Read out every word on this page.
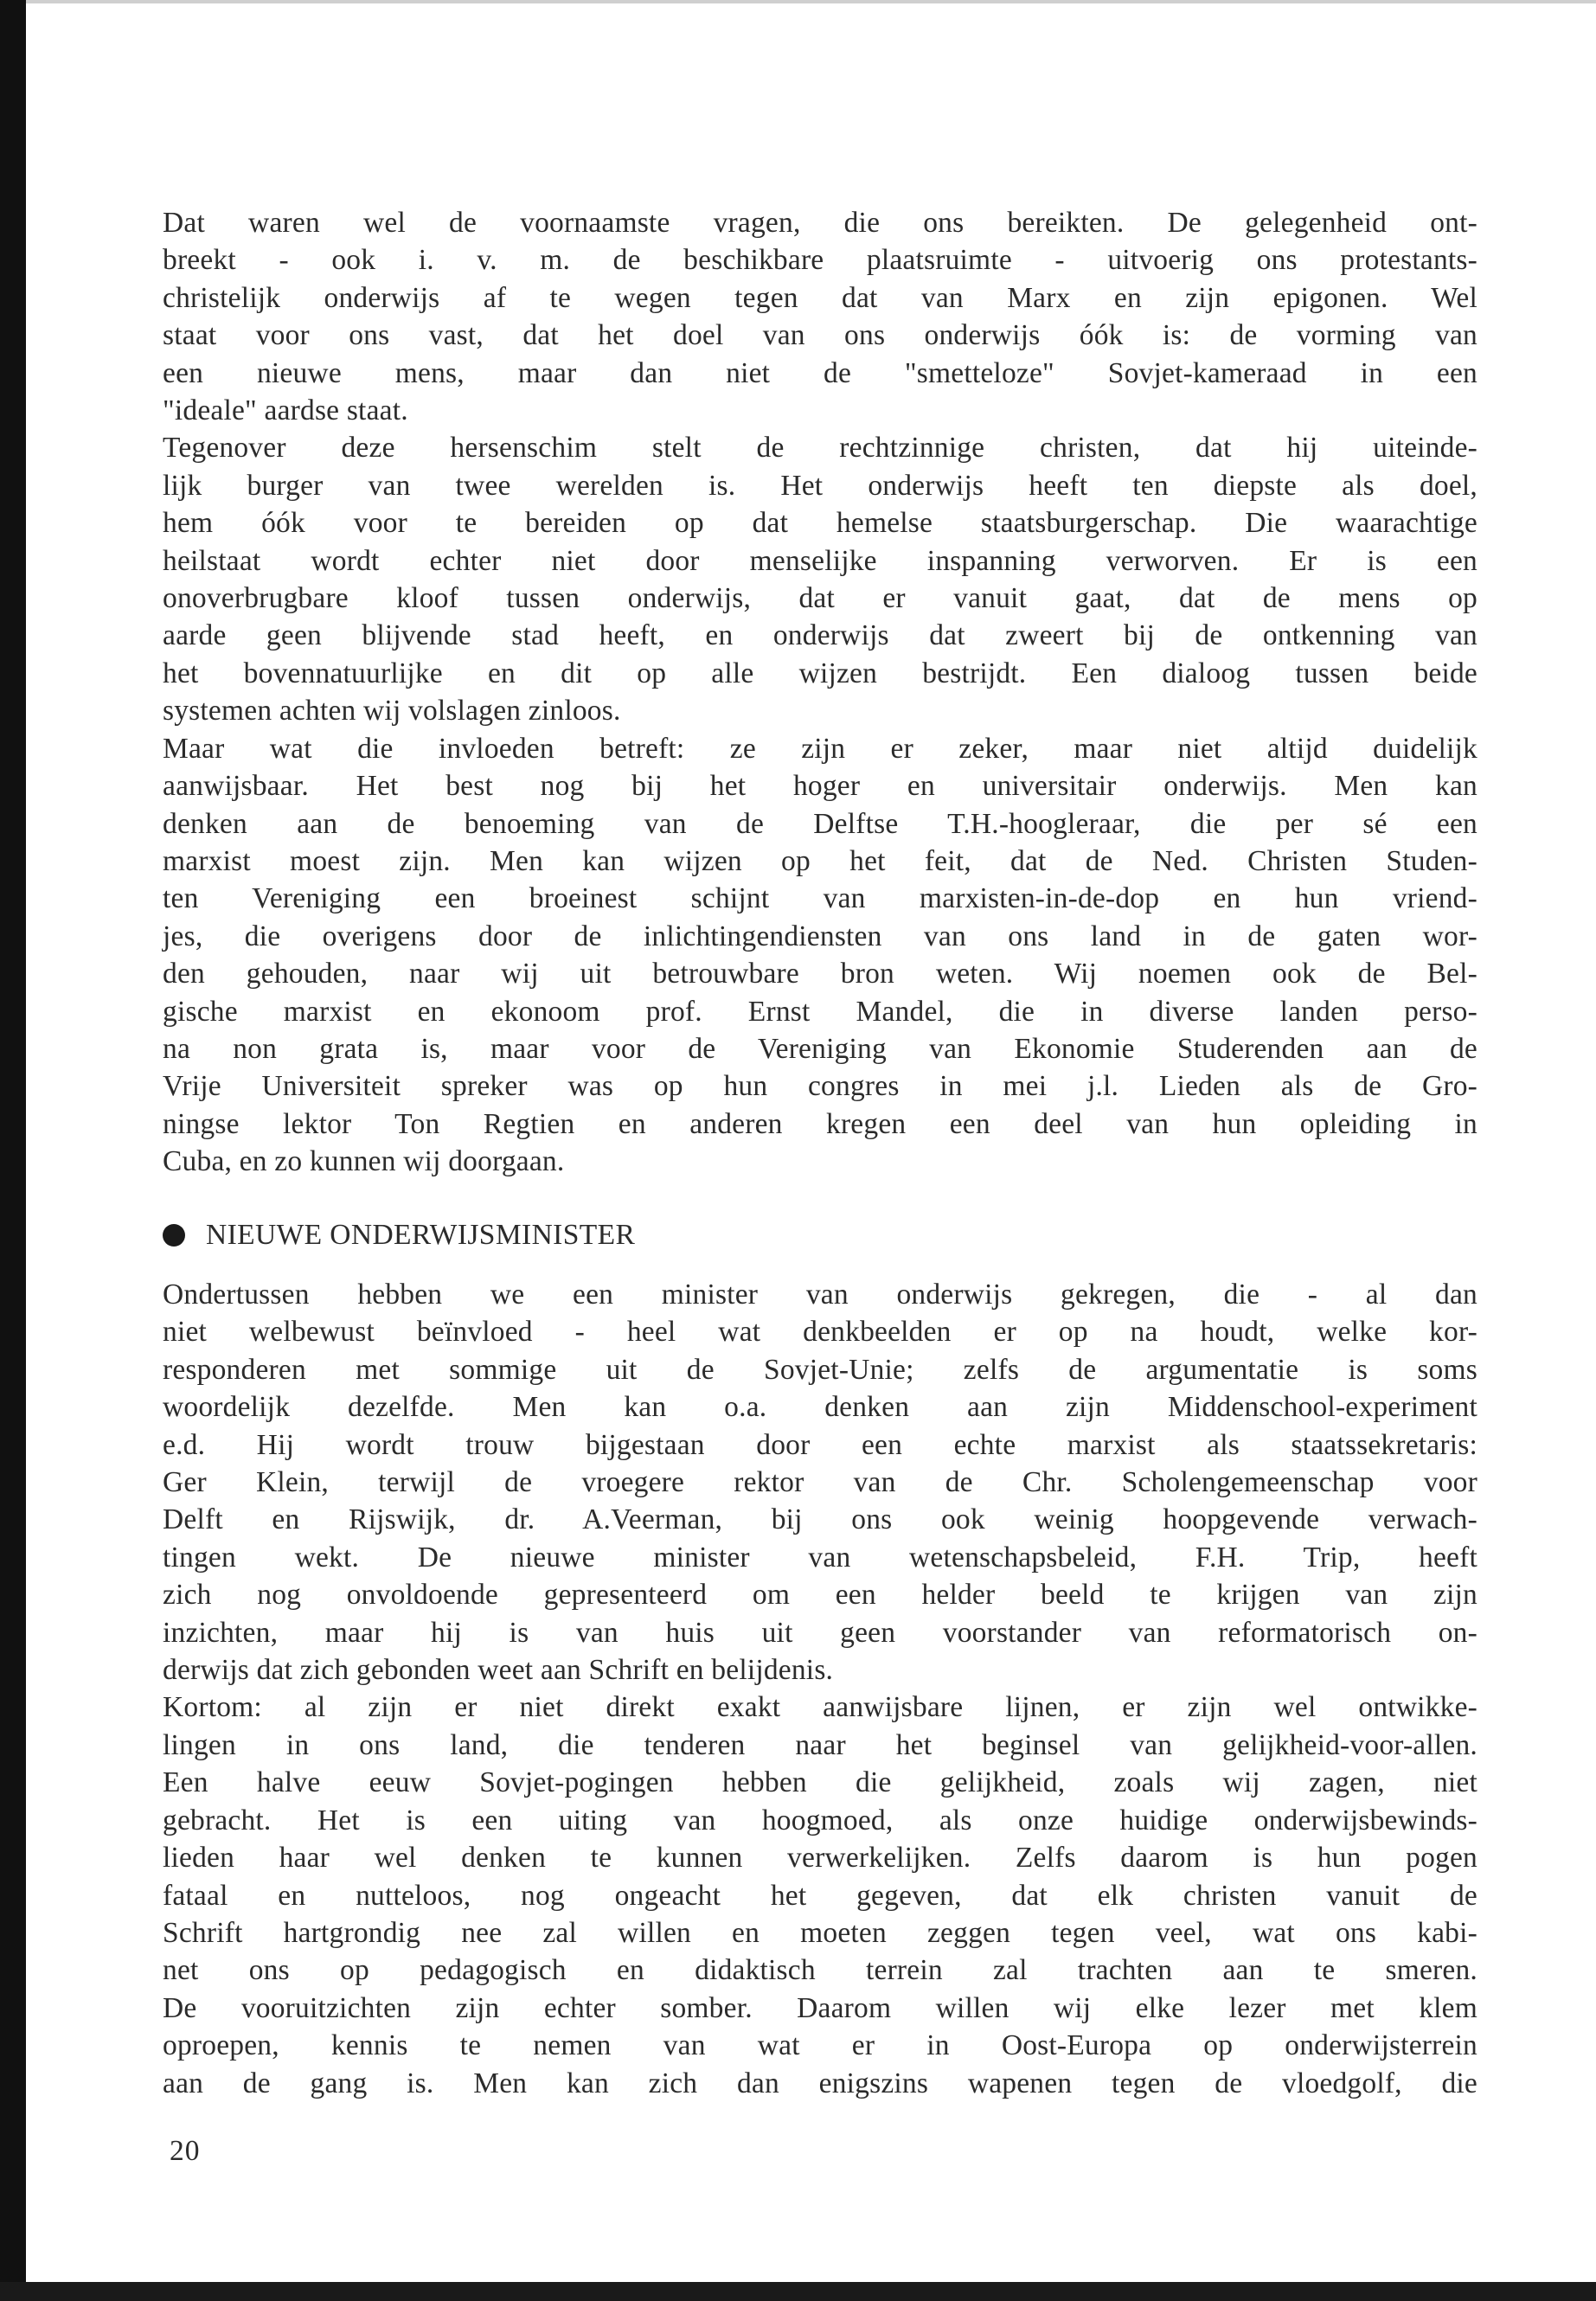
Dat waren wel de voornaamste vragen, die ons bereikten. De gelegenheid ont-
breekt - ook i. v. m. de beschikbare plaatsruimte - uitvoerig ons protestants-
christelijk onderwijs af te wegen tegen dat van Marx en zijn epigonen. Wel
staat voor ons vast, dat het doel van ons onderwijs óók is: de vorming van
een nieuwe mens, maar dan niet de "smetteloze" Sovjet-kameraad in een
"ideale" aardse staat.
Tegenover deze hersenschim stelt de rechtzinnige christen, dat hij uiteinde-
lijk burger van twee werelden is. Het onderwijs heeft ten diepste als doel,
hem óók voor te bereiden op dat hemelse staatsburgerschap. Die waarachtige
heilstaat wordt echter niet door menselijke inspanning verworven. Er is een
onoverbrugbare kloof tussen onderwijs, dat er vanuit gaat, dat de mens op
aarde geen blijvende stad heeft, en onderwijs dat zweert bij de ontkenning van
het bovennatuurlijke en dit op alle wijzen bestrijdt. Een dialoog tussen beide
systemen achten wij volslagen zinloos.
Maar wat die invloeden betreft: ze zijn er zeker, maar niet altijd duidelijk
aanwijsbaar. Het best nog bij het hoger en universitair onderwijs. Men kan
denken aan de benoeming van de Delftse T.H.-hoogleraar, die per sé een
marxist moest zijn. Men kan wijzen op het feit, dat de Ned. Christen Studen-
ten Vereniging een broeinest schijnt van marxisten-in-de-dop en hun vriend-
jes, die overigens door de inlichtingendiensten van ons land in de gaten wor-
den gehouden, naar wij uit betrouwbare bron weten. Wij noemen ook de Bel-
gische marxist en ekonoom prof. Ernst Mandel, die in diverse landen perso-
na non grata is, maar voor de Vereniging van Ekonomie Studerenden aan de
Vrije Universiteit spreker was op hun congres in mei j.l. Lieden als de Gro-
ningse lektor Ton Regtien en anderen kregen een deel van hun opleiding in
Cuba, en zo kunnen wij doorgaan.
NIEUWE ONDERWIJSMINISTER
Ondertussen hebben we een minister van onderwijs gekregen, die - al dan
niet welbewust beïnvloed - heel wat denkbeelden er op na houdt, welke kor-
responderen met sommige uit de Sovjet-Unie; zelfs de argumentatie is soms
woordelijk dezelfde. Men kan o.a. denken aan zijn Middenschool-experiment
e.d. Hij wordt trouw bijgestaan door een echte marxist als staatssekretaris:
Ger Klein, terwijl de vroegere rektor van de Chr. Scholengemeenschap voor
Delft en Rijswijk, dr. A.Veerman, bij ons ook weinig hoopgevende verwach-
tingen wekt. De nieuwe minister van wetenschapsbeleid, F.H. Trip, heeft
zich nog onvoldoende gepresenteerd om een helder beeld te krijgen van zijn
inzichten, maar hij is van huis uit geen voorstander van reformatorisch on-
derwijs dat zich gebonden weet aan Schrift en belijdenis.
Kortom: al zijn er niet direkt exakt aanwijsbare lijnen, er zijn wel ontwikke-
lingen in ons land, die tenderen naar het beginsel van gelijkheid-voor-allen.
Een halve eeuw Sovjet-pogingen hebben die gelijkheid, zoals wij zagen, niet
gebracht. Het is een uiting van hoogmoed, als onze huidige onderwijsbewinds-
lieden haar wel denken te kunnen verwerkelijken. Zelfs daarom is hun pogen
fataal en nutteloos, nog ongeacht het gegeven, dat elk christen vanuit de
Schrift hartgrondig nee zal willen en moeten zeggen tegen veel, wat ons kabi-
net ons op pedagogisch en didaktisch terrein zal trachten aan te smeren.
De vooruitzichten zijn echter somber. Daarom willen wij elke lezer met klem
oproepen, kennis te nemen van wat er in Oost-Europa op onderwijsterrein
aan de gang is. Men kan zich dan enigszins wapenen tegen de vloedgolf, die
20
